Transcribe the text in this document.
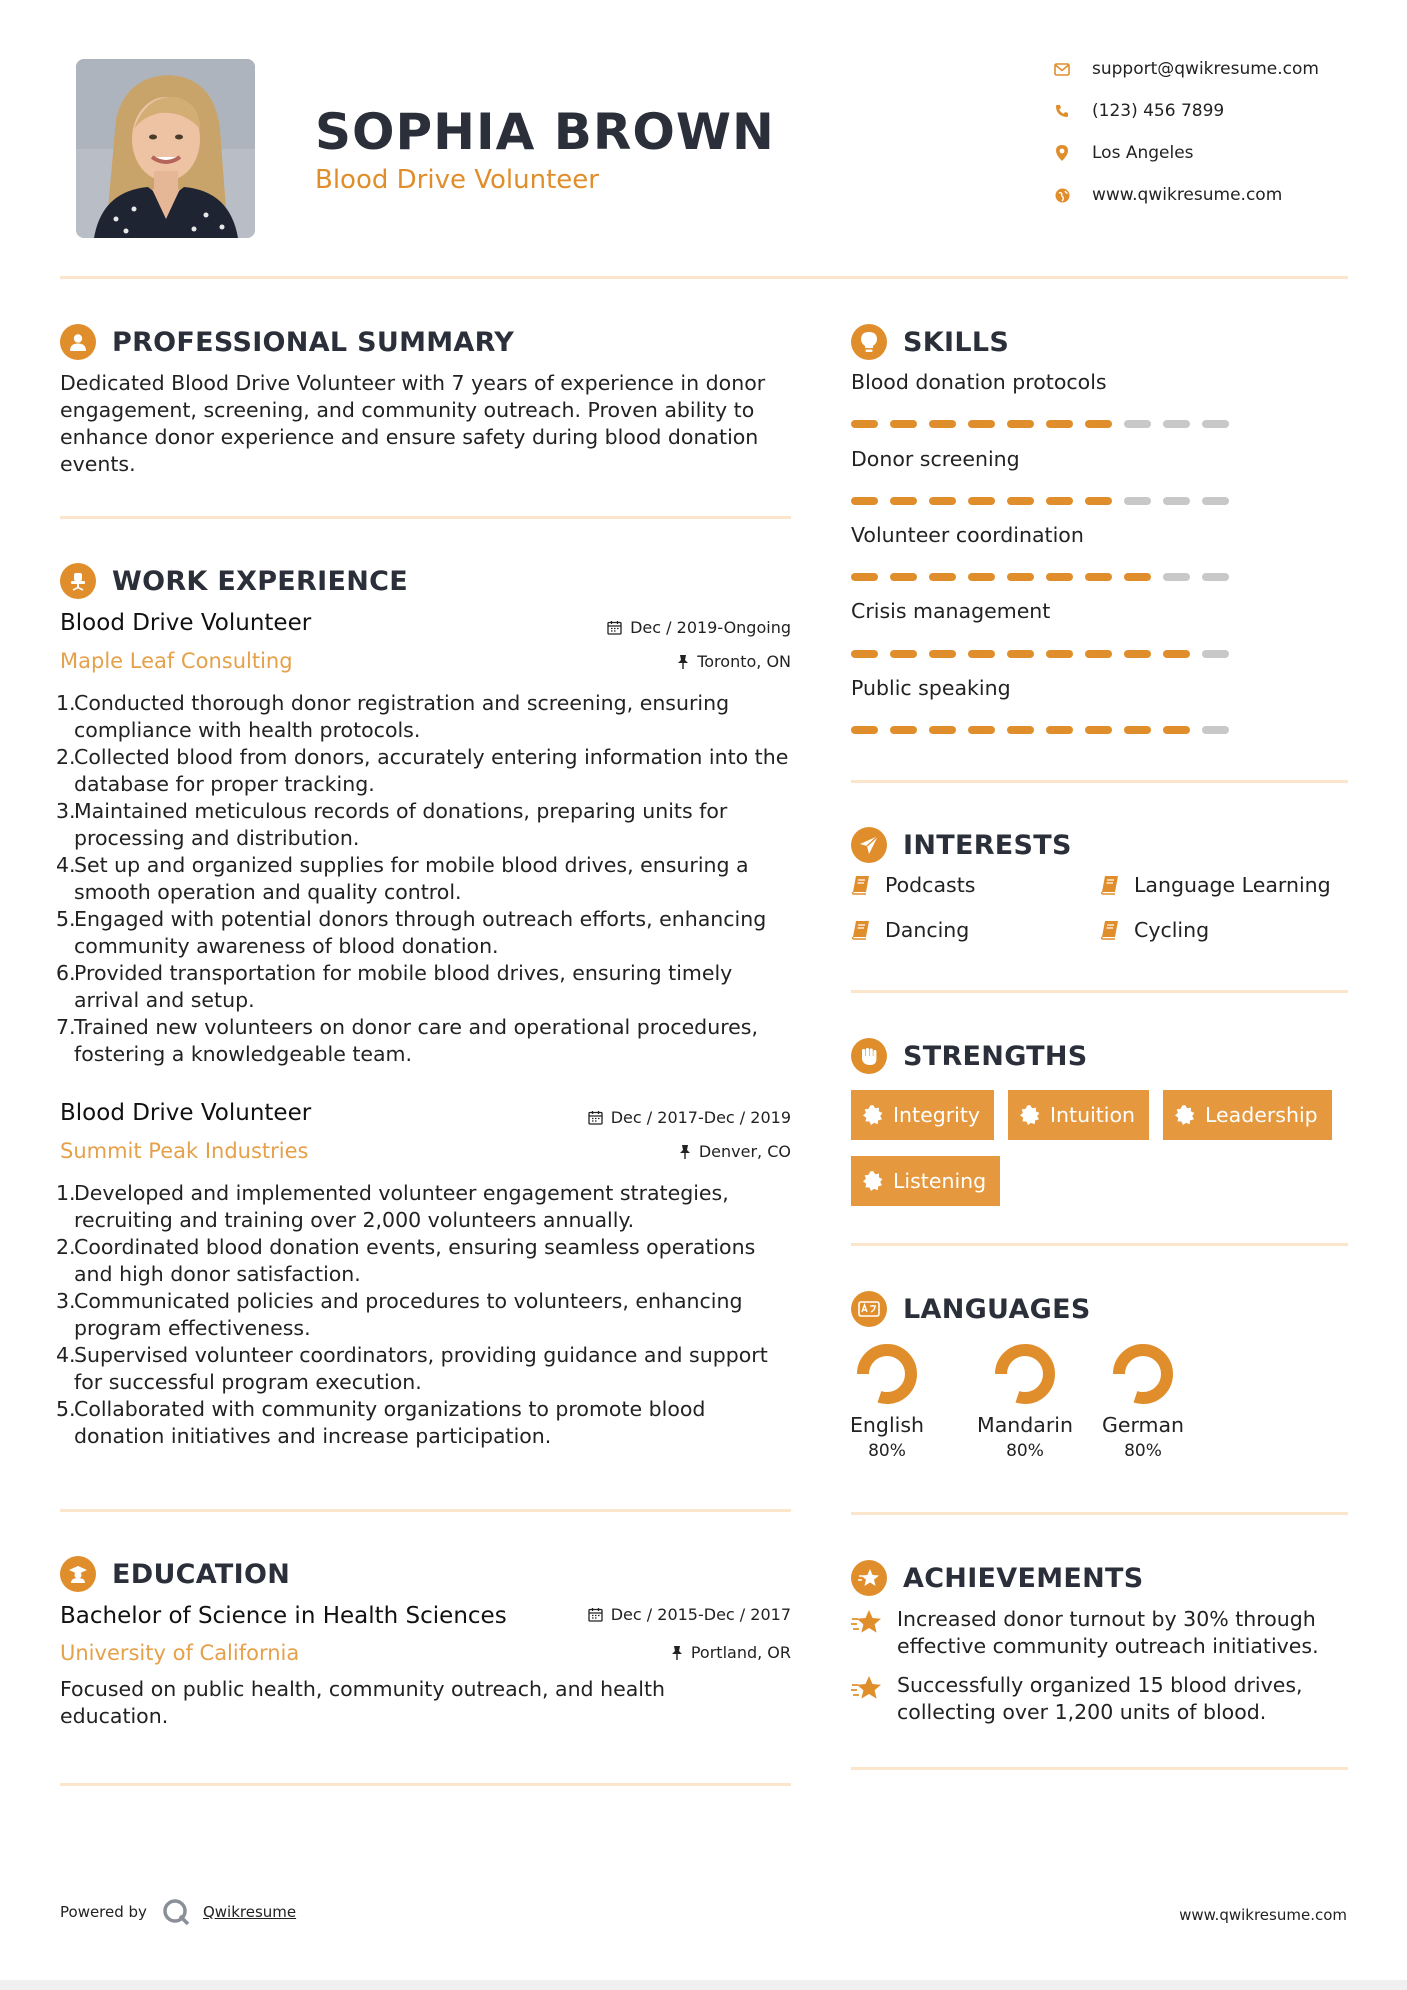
SOPHIA BROWN
Blood Drive Volunteer
support@qwikresume.com
(123) 456 7899
Los Angeles
www.qwikresume.com
PROFESSIONAL SUMMARY
Dedicated Blood Drive Volunteer with 7 years of experience in donor engagement, screening, and community outreach. Proven ability to enhance donor experience and ensure safety during blood donation events.
WORK EXPERIENCE
Blood Drive Volunteer	Dec / 2019-Ongoing
Maple Leaf Consulting	Toronto, ON
1.
Conducted thorough donor registration and screening, ensuring compliance with health protocols.
2.
Collected blood from donors, accurately entering information into the database for proper tracking.
3.
Maintained meticulous records of donations, preparing units for processing and distribution.
4.
Set up and organized supplies for mobile blood drives, ensuring a smooth operation and quality control.
5.
Engaged with potential donors through outreach efforts, enhancing community awareness of blood donation.
6.
Provided transportation for mobile blood drives, ensuring timely arrival and setup.
7.
Trained new volunteers on donor care and operational procedures, fostering a knowledgeable team.
Blood Drive Volunteer	Dec / 2017-Dec / 2019
Summit Peak Industries	Denver, CO
1.
Developed and implemented volunteer engagement strategies, recruiting and training over 2,000 volunteers annually.
2.
Coordinated blood donation events, ensuring seamless operations and high donor satisfaction.
3.
Communicated policies and procedures to volunteers, enhancing program effectiveness.
4.
Supervised volunteer coordinators, providing guidance and support for successful program execution.
5.
Collaborated with community organizations to promote blood donation initiatives and increase participation.
EDUCATION
Bachelor of Science in Health Sciences	Dec / 2015-Dec / 2017
University of California	Portland, OR
Focused on public health, community outreach, and health education.
SKILLS
Blood donation protocols
Donor screening
Volunteer coordination
Crisis management
Public speaking
INTERESTS
Podcasts	Language Learning
Dancing	Cycling
STRENGTHS
Integrity	Intuition	Leadership
Listening
LANGUAGES
English
80%
Mandarin
80%
German
80%
ACHIEVEMENTS
Increased donor turnout by 30% through effective community outreach initiatives.
Successfully organized 15 blood drives, collecting over 1,200 units of blood.
Powered by	Qwikresume	www.qwikresume.com
